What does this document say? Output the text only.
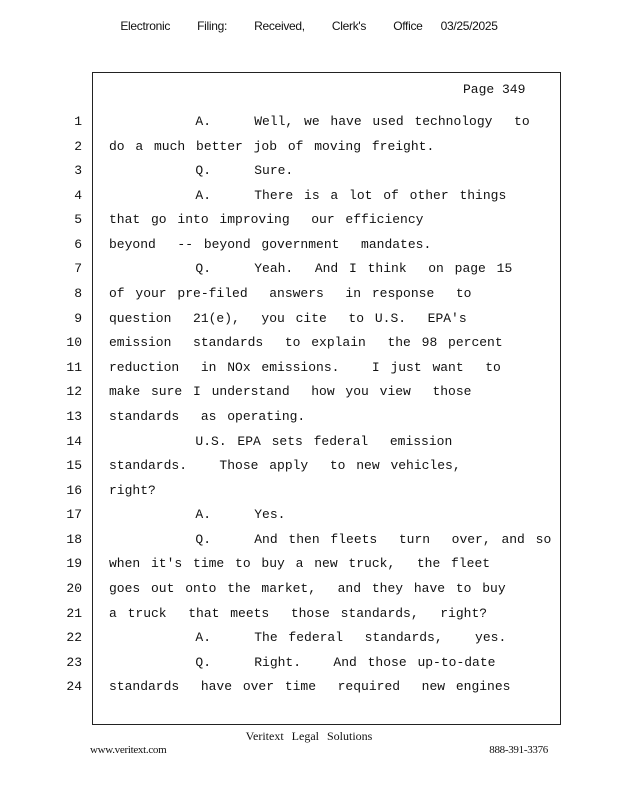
Electronic   Filing:   Received,   Clerk's   Office  03/25/2025
Page 349
1 A.    Well, we have used technology  to
2 do a much better job of moving freight.
3 Q.    Sure.
4 A.    There is a lot of other things
5 that go into improving  our efficiency
6 beyond  -- beyond government  mandates.
7 Q.    Yeah.  And I think  on page 15
8 of your pre-filed  answers  in response  to
9 question  21(e),  you cite  to U.S.  EPA's
10 emission  standards  to explain  the 98 percent
11 reduction  in NOx emissions.   I just want  to
12 make sure I understand  how you view  those
13 standards  as operating.
14 U.S. EPA sets federal  emission
15 standards.   Those apply  to new vehicles,
16 right?
17 A.    Yes.
18 Q.    And then fleets  turn  over, and so
19 when it's time to buy a new truck,  the fleet
20 goes out onto the market,  and they have to buy
21 a truck  that meets  those standards,  right?
22 A.    The federal  standards,   yes.
23 Q.    Right.   And those up-to-date
24 standards  have over time  required  new engines
Veritext Legal Solutions
www.veritext.com	888-391-3376
